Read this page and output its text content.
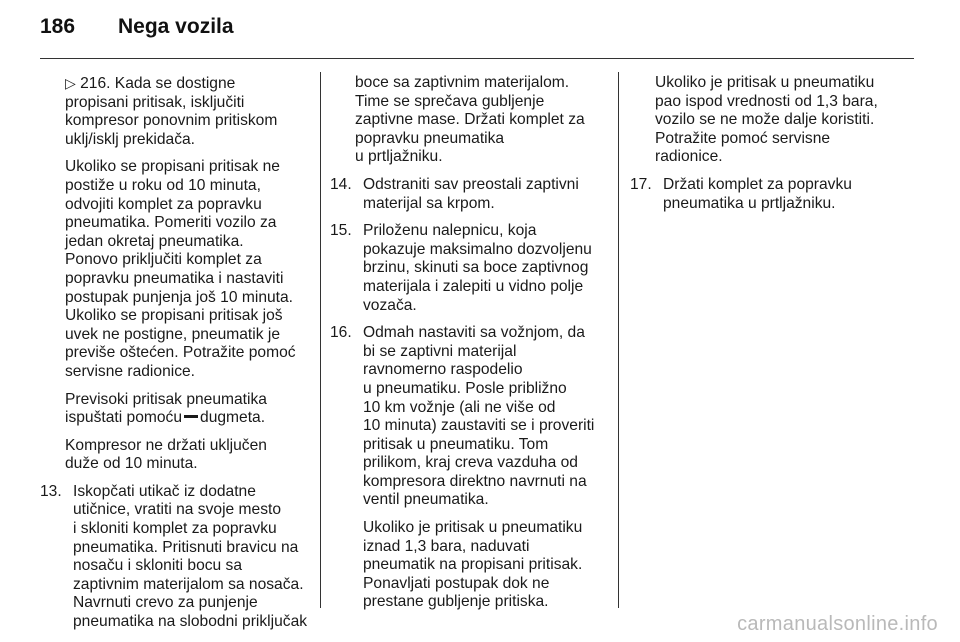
186 Nega vozila

▷ 216. Kada se dostigne
propisani pritisak, isključiti
kompresor ponovnim pritiskom
uklj/isklj prekidača.

Ukoliko se propisani pritisak ne
postiže u roku od 10 minuta,
odvojiti komplet za popravku
pneumatika. Pomeriti vozilo za
jedan okretaj pneumatika.
Ponovo priključiti komplet za
popravku pneumatika i nastaviti
postupak punjenja još 10 minuta.
Ukoliko se propisani pritisak još
uvek ne postigne, pneumatik je
previše oštećen. Potražite pomoć
servisne radionice.

Previsoki pritisak pneumatika
ispuštati pomoću dugmeta.

Kompresor ne držati uključen
duže od 10 minuta.

13. Iskopčati utikač iz dodatne
utičnice, vratiti na svoje mesto
i skloniti komplet za popravku
pneumatika. Pritisnuti bravicu na
nosaču i skloniti bocu sa
zaptivnim materijalom sa nosača.
Navrnuti crevo za punjenje
pneumatika na slobodni priključak

boce sa zaptivnim materijalom.
Time se sprečava gubljenje
zaptivne mase. Držati komplet za
popravku pneumatika
u prtljažniku.

14. Odstraniti sav preostali zaptivni
materijal sa krpom.

15. Priloženu nalepnicu, koja
pokazuje maksimalno dozvoljenu
brzinu, skinuti sa boce zaptivnog
materijala i zalepiti u vidno polje
vozača.

16. Odmah nastaviti sa vožnjom, da
bi se zaptivni materijal
ravnomerno raspodelio
u pneumatiku. Posle približno
10 km vožnje (ali ne više od
10 minuta) zaustaviti se i proveriti
pritisak u pneumatiku. Tom
prilikom, kraj creva vazduha od
kompresora direktno navrnuti na
ventil pneumatika.

Ukoliko je pritisak u pneumatiku
iznad 1,3 bara, naduvati
pneumatik na propisani pritisak.
Ponavljati postupak dok ne
prestane gubljenje pritiska.

Ukoliko je pritisak u pneumatiku
pao ispod vrednosti od 1,3 bara,
vozilo se ne može dalje koristiti.
Potražite pomoć servisne
radionice.

17. Držati komplet za popravku
pneumatika u prtljažniku.

carmanualsonline.info
